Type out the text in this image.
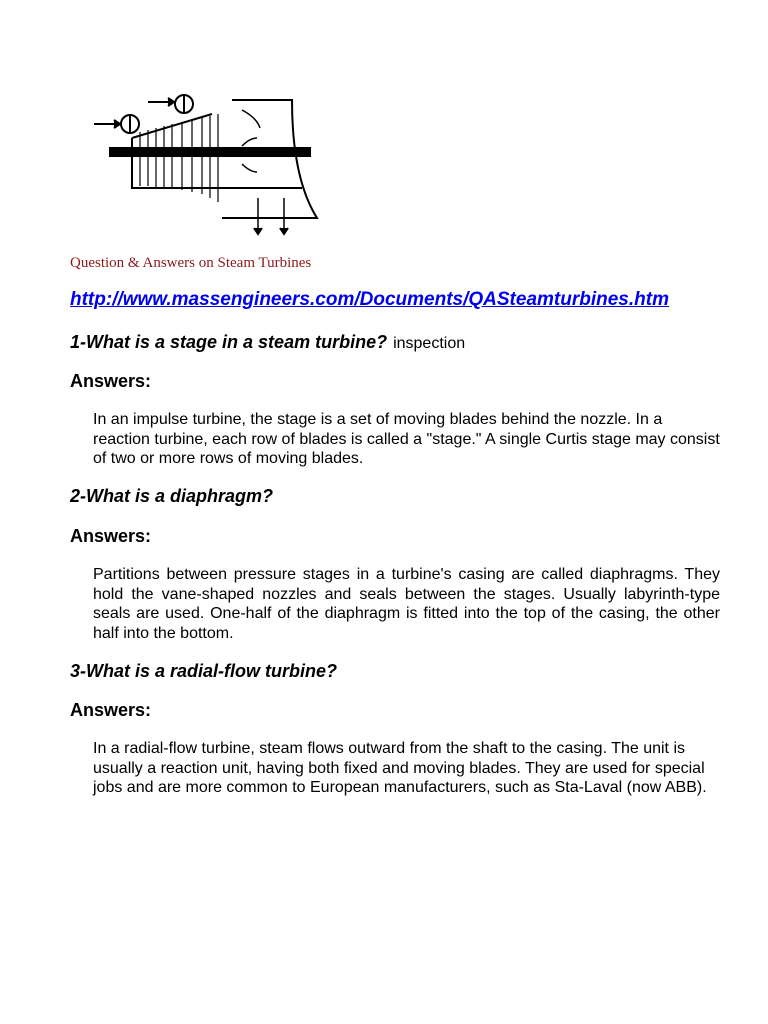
Question & Answers on Steam Turbines
http://www.massengineers.com/Documents/QASteamturbines.htm
1-What is a stage in a steam turbine? inspection
Answers:

In an impulse turbine, the stage is a set of moving blades behind the nozzle. In a reaction turbine, each row of blades is called a "stage." A single Curtis stage may consist of two or more rows of moving blades.

2-What is a diaphragm?
Answers:

Partitions between pressure stages in a turbine's casing are called diaphragms. They hold the vane-shaped nozzles and seals between the stages. Usually labyrinth-type seals are used. One-half of the diaphragm is fitted into the top of the casing, the other half into the bottom.

3-What is a radial-flow turbine?
Answers:

In a radial-flow turbine, steam flows outward from the shaft to the casing. The unit is usually a reaction unit, having both fixed and moving blades. They are used for special jobs and are more common to European manufacturers, such as Sta-Laval (now ABB).
